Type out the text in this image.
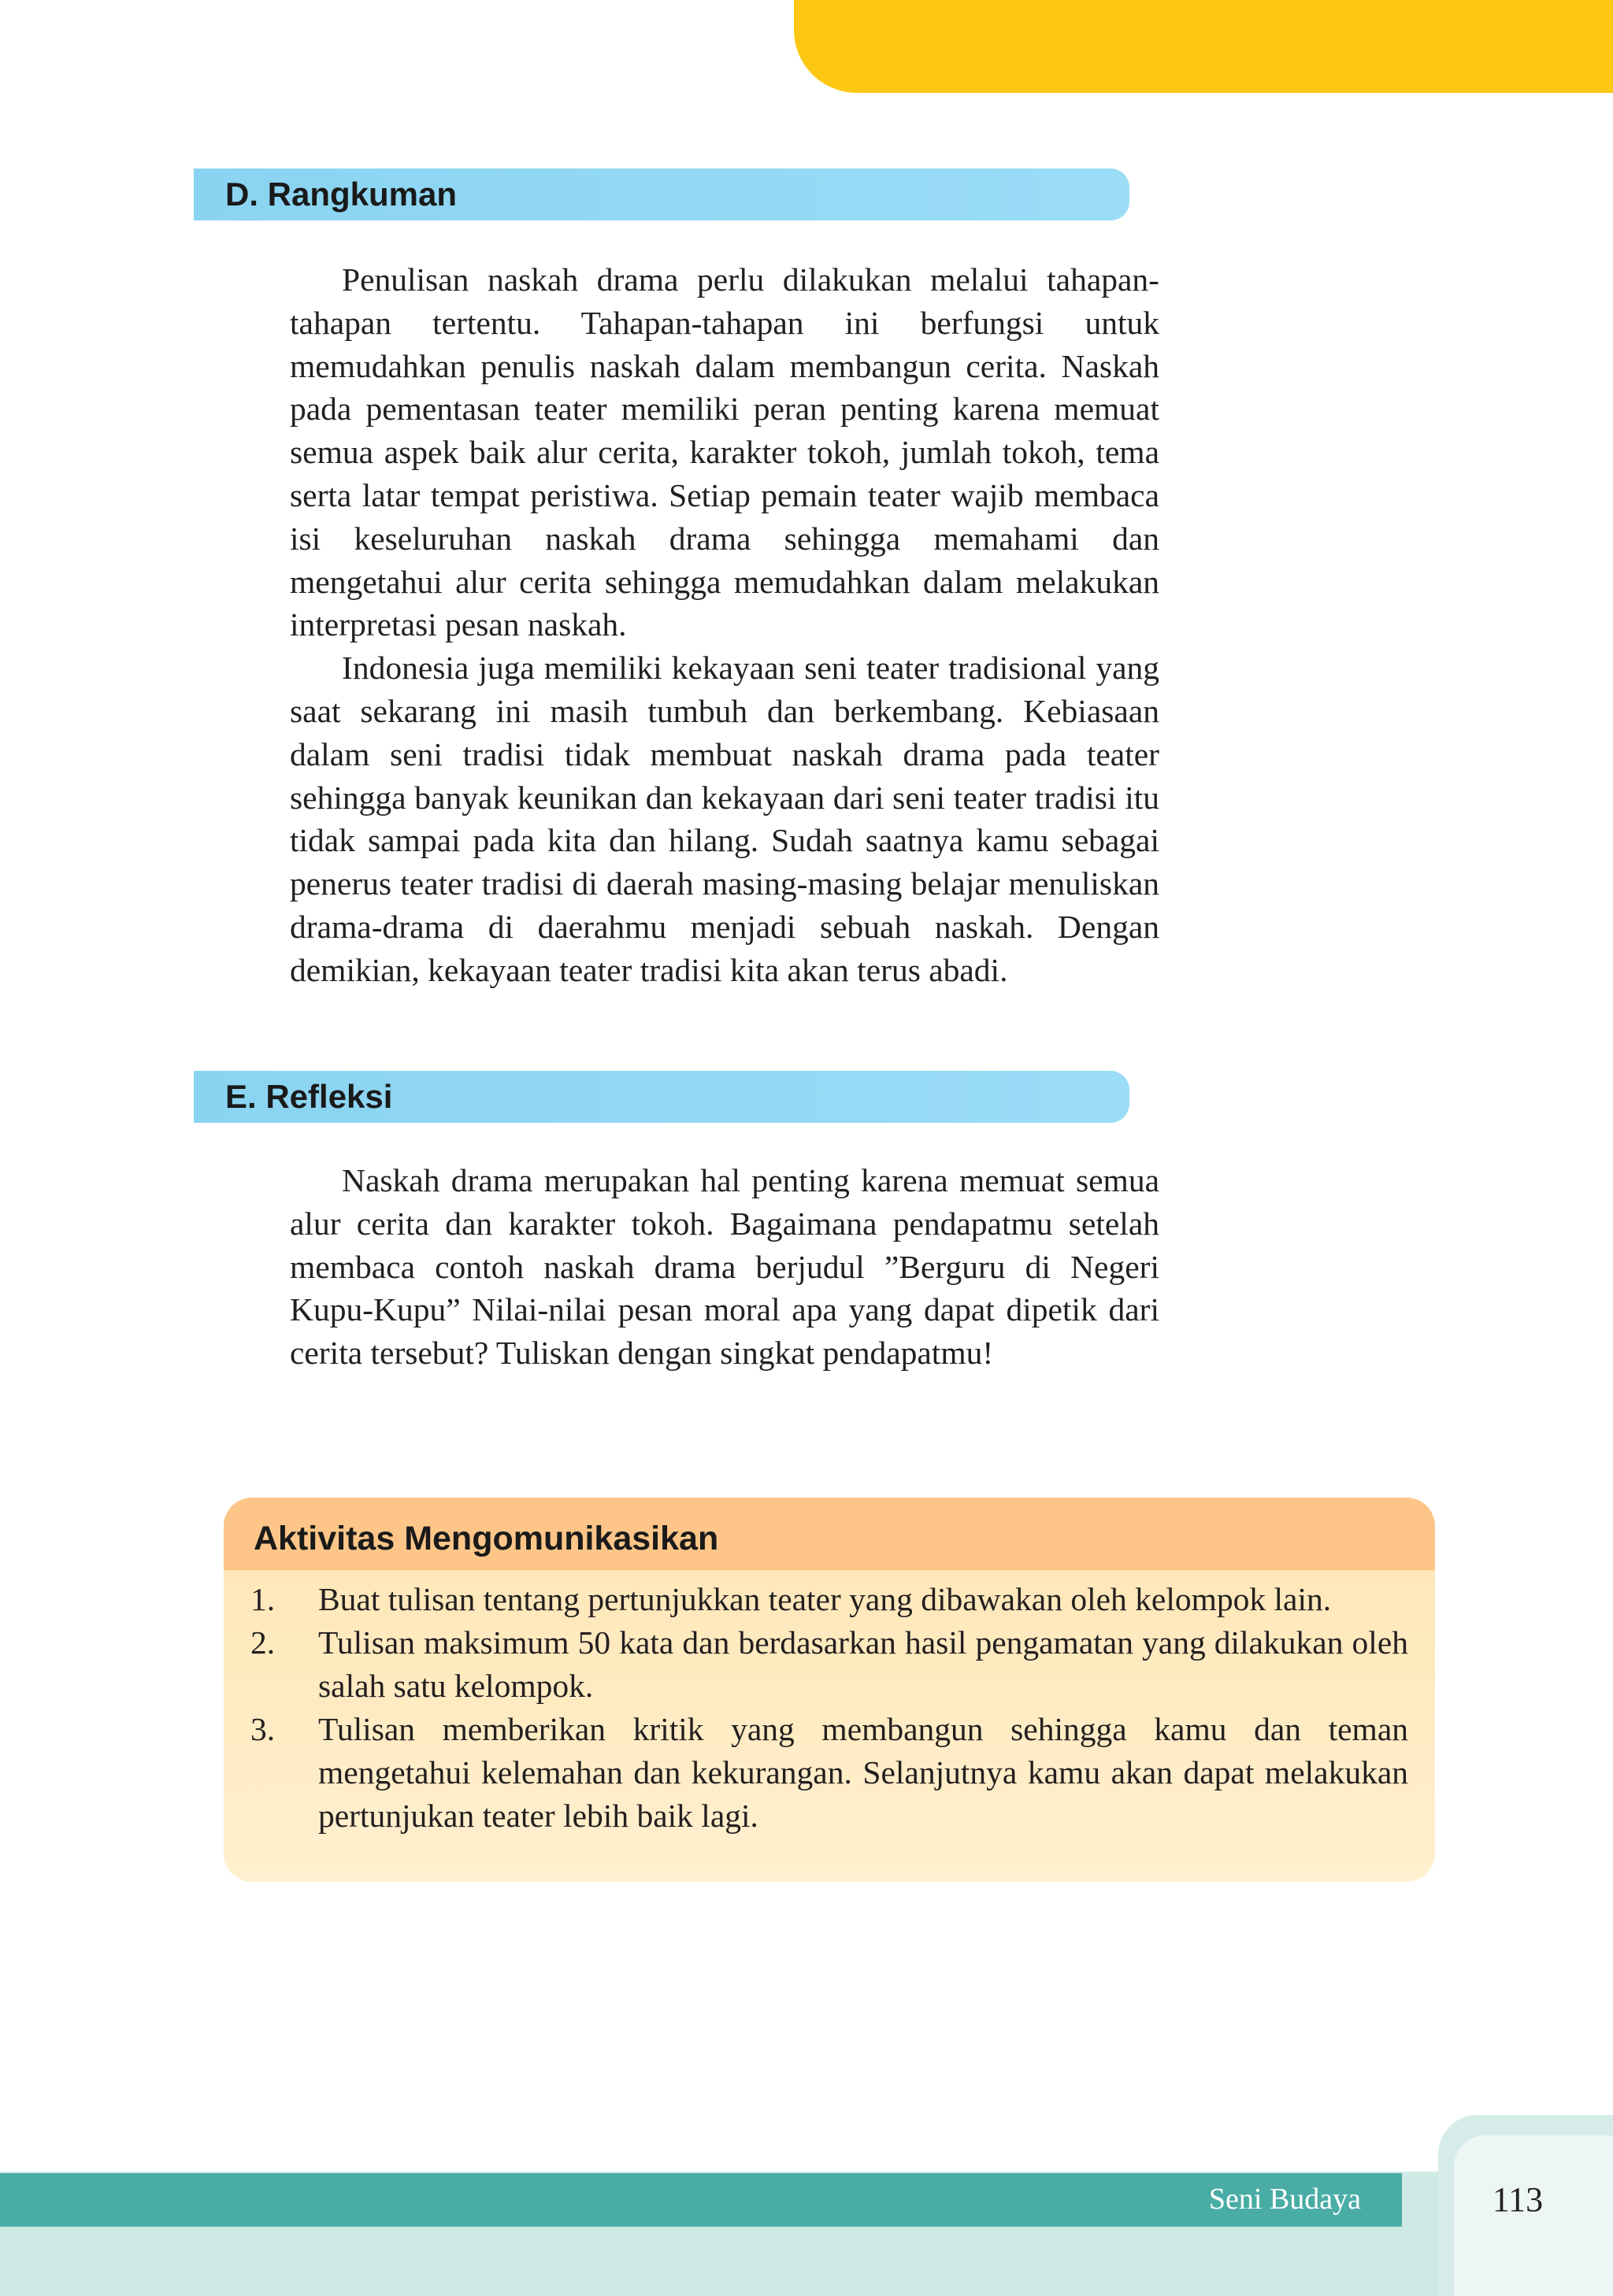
D. Rangkuman

Penulisan naskah drama perlu dilakukan melalui tahapan-tahapan tertentu. Tahapan-tahapan ini berfungsi untuk memudahkan penulis naskah dalam membangun cerita. Naskah pada pementasan teater memiliki peran penting karena memuat semua aspek baik alur cerita, karakter tokoh, jumlah tokoh, tema serta latar tempat peristiwa. Setiap pemain teater wajib membaca isi keseluruhan naskah drama sehingga memahami dan mengetahui alur cerita sehingga memudahkan dalam melakukan interpretasi pesan naskah.

Indonesia juga memiliki kekayaan seni teater tradisional yang saat sekarang ini masih tumbuh dan berkembang. Kebiasaan dalam seni tradisi tidak membuat naskah drama pada teater sehingga banyak keunikan dan kekayaan dari seni teater tradisi itu tidak sampai pada kita dan hilang. Sudah saatnya kamu sebagai penerus teater tradisi di daerah masing-masing belajar menuliskan drama-drama di daerahmu menjadi sebuah naskah. Dengan demikian, kekayaan teater tradisi kita akan terus abadi.

E. Refleksi

Naskah drama merupakan hal penting karena memuat semua alur cerita dan karakter tokoh. Bagaimana pendapatmu setelah membaca contoh naskah drama berjudul ”Berguru di Negeri Kupu-Kupu” Nilai-nilai pesan moral apa yang dapat dipetik dari cerita tersebut? Tuliskan dengan singkat pendapatmu!

Aktivitas Mengomunikasikan
1.	Buat tulisan tentang pertunjukkan teater yang dibawakan oleh kelompok lain.
2.	Tulisan maksimum 50 kata dan berdasarkan hasil pengamatan yang dilakukan oleh salah satu kelompok.
3.	Tulisan memberikan kritik yang membangun sehingga kamu dan teman mengetahui kelemahan dan kekurangan. Selanjutnya kamu akan dapat melakukan pertunjukan teater lebih baik lagi.
Seni Budaya	113
